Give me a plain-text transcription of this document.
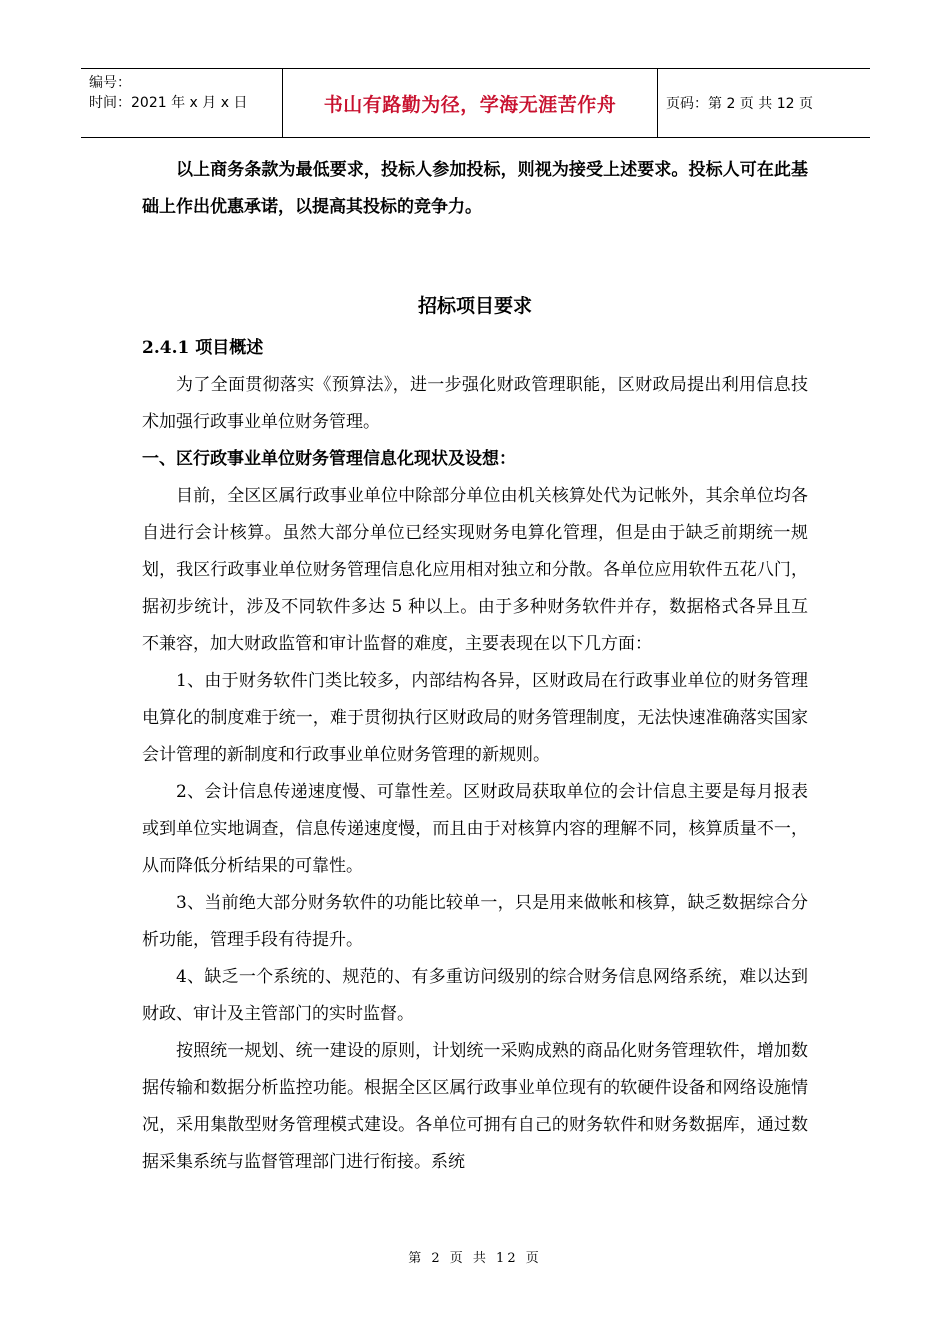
编号：
时间：2021 年 x 月 x 日	书山有路勤为径，学海无涯苦作舟	页码：第 2 页 共 12 页

以上商务条款为最低要求，投标人参加投标，则视为接受上述要求。投标人可在此基础上作出优惠承诺，以提高其投标的竞争力。

招标项目要求

2.4.1 项目概述

为了全面贯彻落实《预算法》，进一步强化财政管理职能，区财政局提出利用信息技术加强行政事业单位财务管理。

一、区行政事业单位财务管理信息化现状及设想：

目前，全区区属行政事业单位中除部分单位由机关核算处代为记帐外，其余单位均各自进行会计核算。虽然大部分单位已经实现财务电算化管理，但是由于缺乏前期统一规划，我区行政事业单位财务管理信息化应用相对独立和分散。各单位应用软件五花八门，据初步统计，涉及不同软件多达 5 种以上。由于多种财务软件并存，数据格式各异且互不兼容，加大财政监管和审计监督的难度，主要表现在以下几方面：

1、由于财务软件门类比较多，内部结构各异，区财政局在行政事业单位的财务管理电算化的制度难于统一，难于贯彻执行区财政局的财务管理制度，无法快速准确落实国家会计管理的新制度和行政事业单位财务管理的新规则。

2、会计信息传递速度慢、可靠性差。区财政局获取单位的会计信息主要是每月报表或到单位实地调查，信息传递速度慢，而且由于对核算内容的理解不同，核算质量不一，从而降低分析结果的可靠性。

3、当前绝大部分财务软件的功能比较单一，只是用来做帐和核算，缺乏数据综合分析功能，管理手段有待提升。

4、缺乏一个系统的、规范的、有多重访问级别的综合财务信息网络系统，难以达到财政、审计及主管部门的实时监督。

按照统一规划、统一建设的原则，计划统一采购成熟的商品化财务管理软件，增加数据传输和数据分析监控功能。根据全区区属行政事业单位现有的软硬件设备和网络设施情况，采用集散型财务管理模式建设。各单位可拥有自己的财务软件和财务数据库，通过数据采集系统与监督管理部门进行衔接。系统

第 2 页 共 12 页
